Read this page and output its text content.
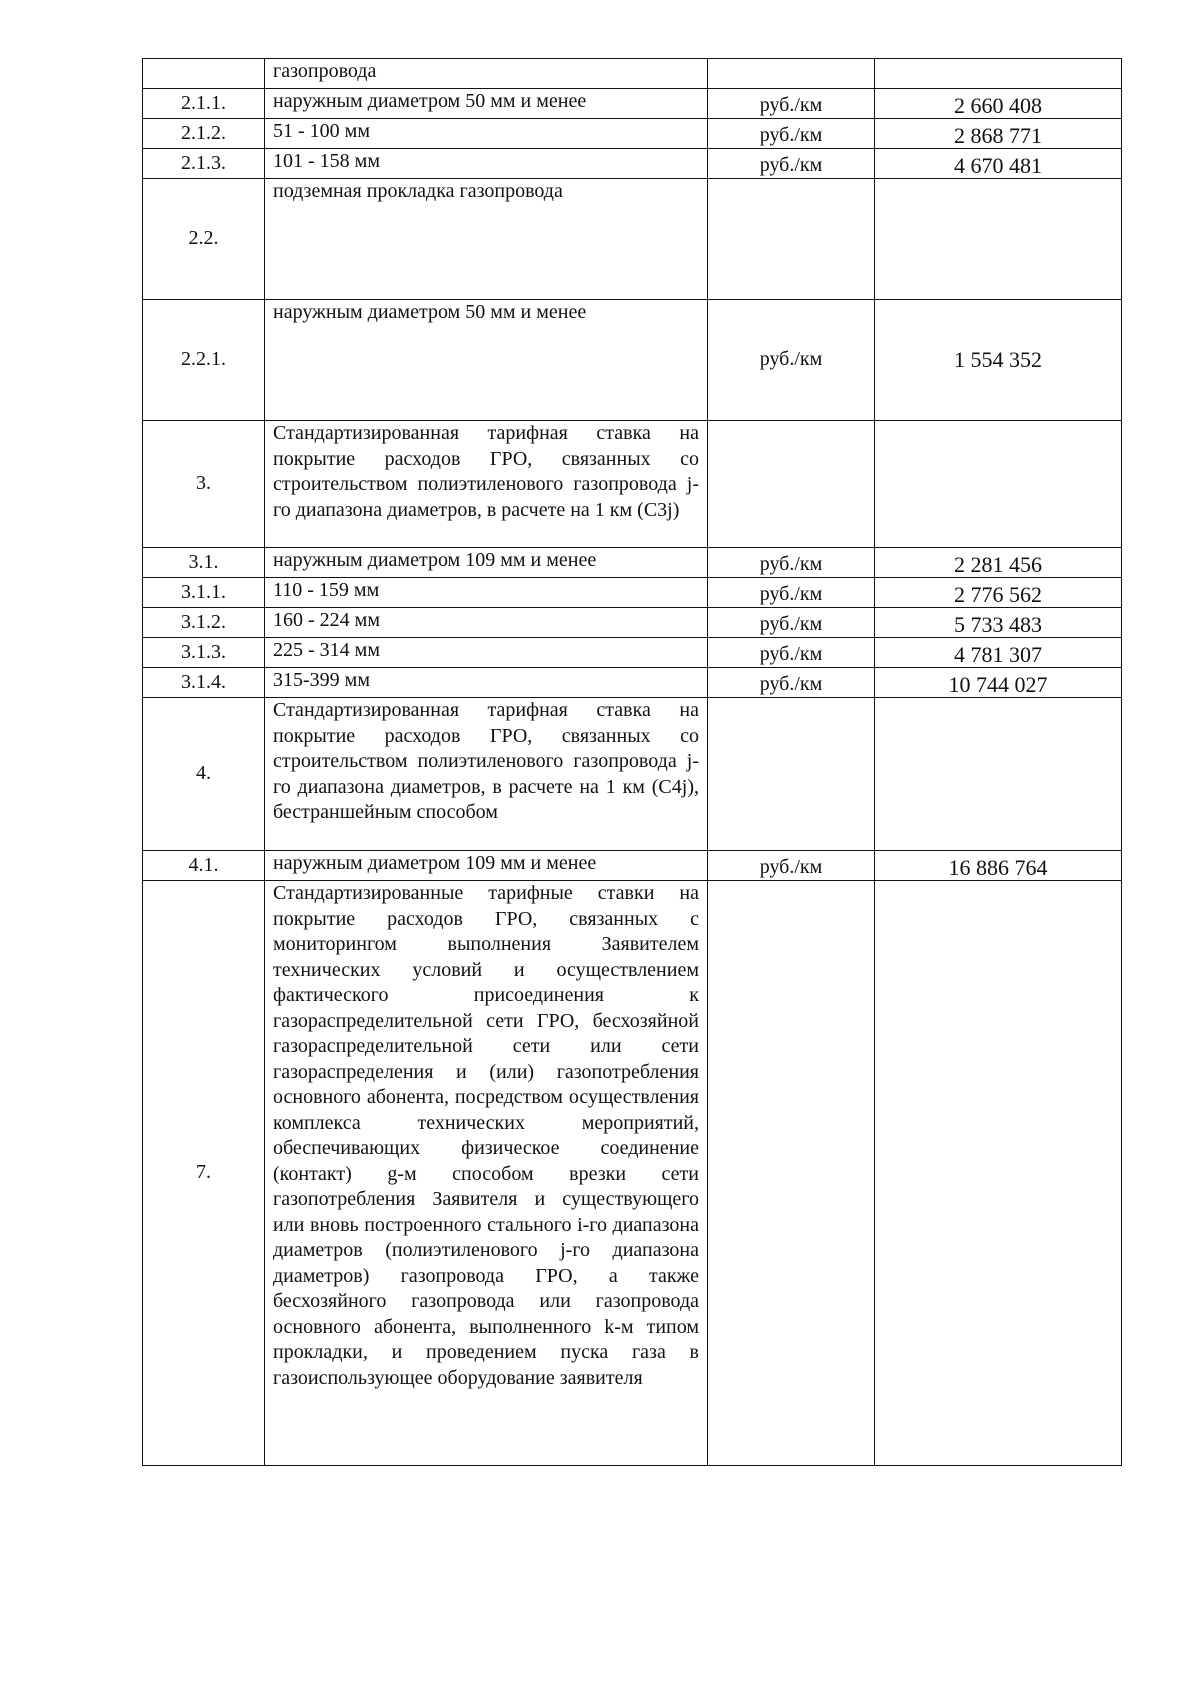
	газопровода		
2.1.1.	наружным диаметром 50 мм и менее	руб./км	2 660 408
2.1.2.	51 - 100 мм	руб./км	2 868 771
2.1.3.	101 - 158 мм	руб./км	4 670 481
2.2.	подземная прокладка газопровода		
2.2.1.	наружным диаметром 50 мм и менее	руб./км	1 554 352
3.	Стандартизированная тарифная ставка на покрытие расходов ГРО, связанных со строительством полиэтиленового газопровода j-го диапазона диаметров, в расчете на 1 км (С3j)		
3.1.	наружным диаметром 109 мм и менее	руб./км	2 281 456
3.1.1.	110 - 159 мм	руб./км	2 776 562
3.1.2.	160 - 224 мм	руб./км	5 733 483
3.1.3.	225 - 314 мм	руб./км	4 781 307
3.1.4.	315-399 мм	руб./км	10 744 027
4.	Стандартизированная тарифная ставка на покрытие расходов ГРО, связанных со строительством полиэтиленового газопровода j-го диапазона диаметров, в расчете на 1 км (С4j), бестраншейным способом		
4.1.	наружным диаметром 109 мм и менее	руб./км	16 886 764
7.	Стандартизированные тарифные ставки на покрытие расходов ГРО, связанных с мониторингом выполнения Заявителем технических условий и осуществлением фактического присоединения к газораспределительной сети ГРО, бесхозяйной газораспределительной сети или сети газораспределения и (или) газопотребления основного абонента, посредством осуществления комплекса технических мероприятий, обеспечивающих физическое соединение (контакт) g-м способом врезки сети газопотребления Заявителя и существующего или вновь построенного стального i-го диапазона диаметров (полиэтиленового j-го диапазона диаметров) газопровода ГРО, а также бесхозяйного газопровода или газопровода основного абонента, выполненного k-м типом прокладки, и проведением пуска газа в газоиспользующее оборудование заявителя		
